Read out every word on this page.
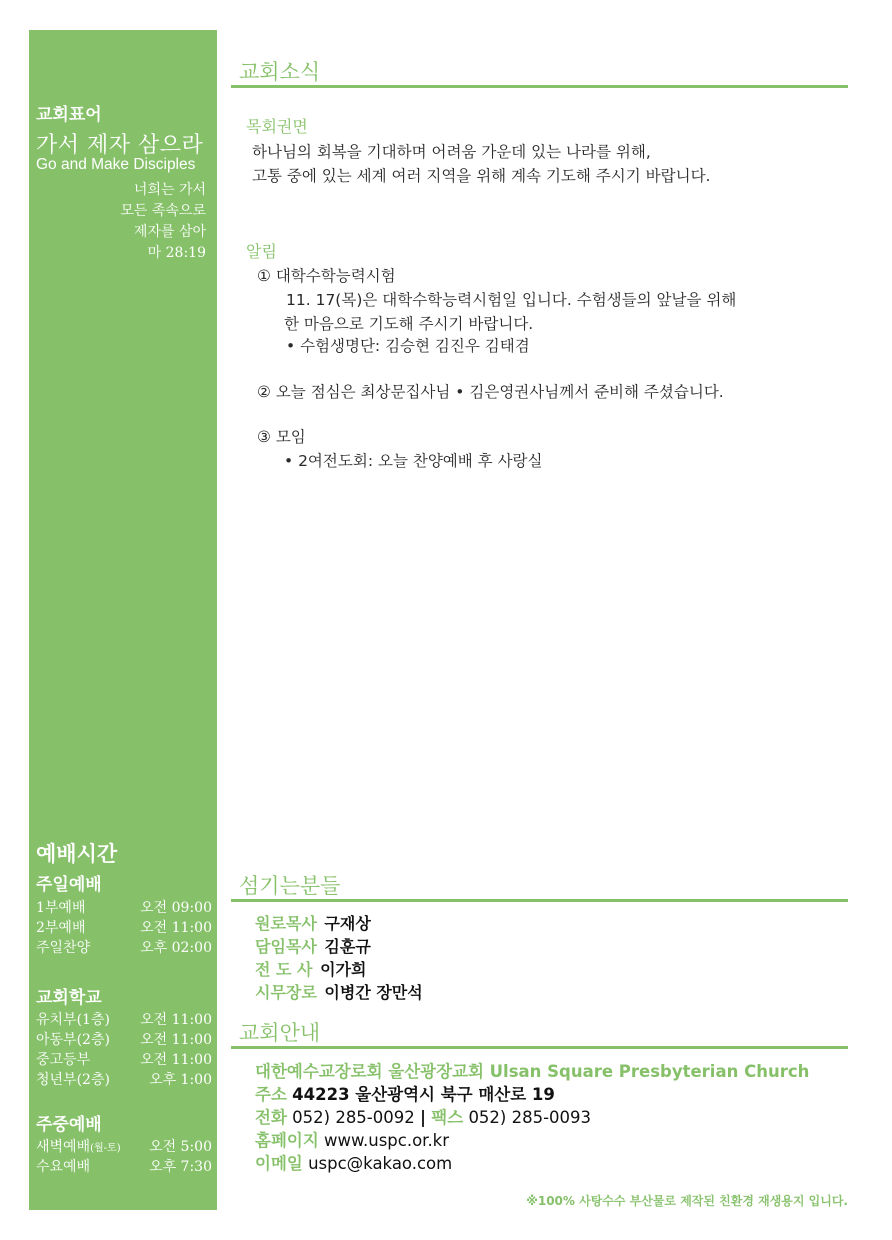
교회표어
가서 제자 삼으라
Go and Make Disciples
너희는 가서
모든 족속으로
제자를 삼아
마 28:19
예배시간
주일예배
1부예배	오전 09:00
2부예배	오전 11:00
주일찬양	오후 02:00
교회학교
유치부(1층) 오전 11:00
아동부(2층) 오전 11:00
중고등부	오전 11:00
청년부(2층)	오후 1:00
주중예배
새벽예배(월-토) 오전 5:00
수요예배	오후 7:30
교회소식
목회권면
하나님의 회복을 기대하며 어려움 가운데 있는 나라를 위해,
고통 중에 있는 세계 여러 지역을 위해 계속 기도해 주시기 바랍니다.
알림
① 대학수학능력시험
11. 17(목)은 대학수학능력시험일 입니다. 수험생들의 앞날을 위해
한 마음으로 기도해 주시기 바랍니다.
• 수험생명단: 김승현 김진우 김태겸
② 오늘 점심은 최상문집사님 • 김은영권사님께서 준비해 주셨습니다.
③ 모임
• 2여전도회: 오늘 찬양예배 후 사랑실
섬기는분들
원로목사 구재상
담임목사 김훈규
전 도 사 이가희
시무장로 이병간 장만석
교회안내
대한예수교장로회 울산광장교회 Ulsan Square Presbyterian Church
주소 44223 울산광역시 북구 매산로 19
전화 052) 285-0092 | 팩스 052) 285-0093
홈페이지 www.uspc.or.kr
이메일 uspc@kakao.com
※100% 사탕수수 부산물로 제작된 친환경 재생용지 입니다.
